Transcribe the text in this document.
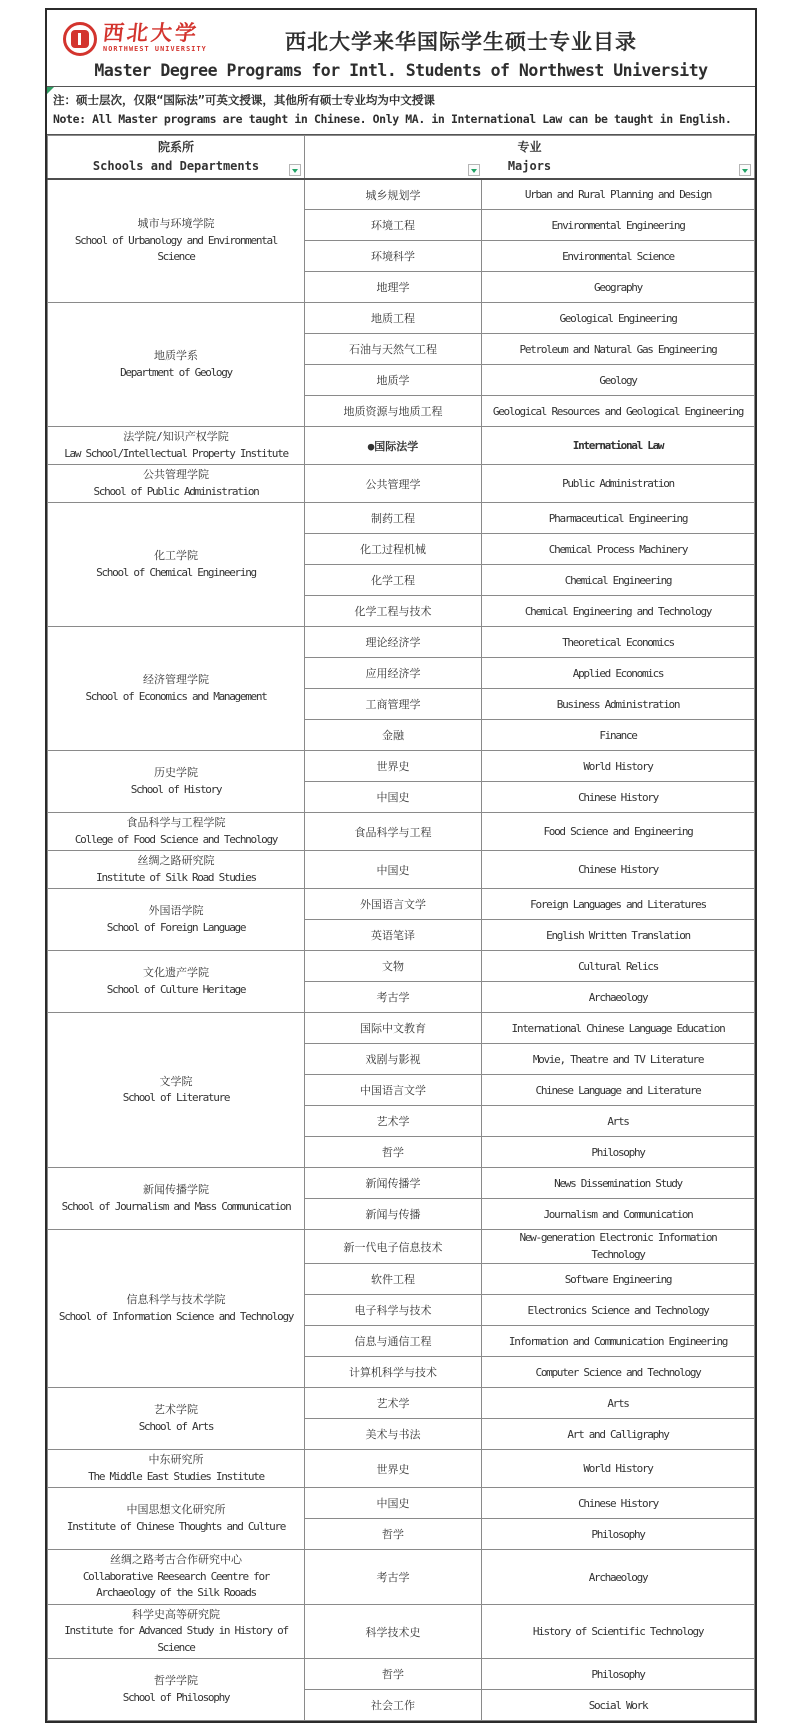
西北大学
NORTHWEST UNIVERSITY	西北大学来华国际学生硕士专业目录
Master Degree Programs for Intl. Students of Northwest University
注：硕士层次，仅限“国际法”可英文授课，其他所有硕士专业均为中文授课
Note: All Master programs are taught in Chinese. Only MA. in International Law can be taught in English.
院系所
Schools and Departments

专业
Majors

城市与环境学院
School of Urbanology and Environmental Science	城乡规划学	Urban and Rural Planning and Design
	环境工程	Environmental Engineering
	环境科学	Environmental Science
	地理学	Geography

地质学系
Department of Geology	地质工程	Geological Engineering
	石油与天然气工程	Petroleum and Natural Gas Engineering
	地质学	Geology
	地质资源与地质工程	Geological Resources and Geological Engineering

法学院/知识产权学院
Law School/Intellectual Property Institute	●国际法学	International Law

公共管理学院
School of Public Administration	公共管理学	Public Administration

化工学院
School of Chemical Engineering	制药工程	Pharmaceutical Engineering
	化工过程机械	Chemical Process Machinery
	化学工程	Chemical Engineering
	化学工程与技术	Chemical Engineering and Technology

经济管理学院
School of Economics and Management	理论经济学	Theoretical Economics
	应用经济学	Applied Economics
	工商管理学	Business Administration
	金融	Finance

历史学院
School of History	世界史	World History
	中国史	Chinese History

食品科学与工程学院
College of Food Science and Technology	食品科学与工程	Food Science and Engineering

丝绸之路研究院
Institute of Silk Road Studies	中国史	Chinese History

外国语学院
School of Foreign Language	外国语言文学	Foreign Languages and Literatures
	英语笔译	English Written Translation

文化遗产学院
School of Culture Heritage	文物	Cultural Relics
	考古学	Archaeology

文学院
School of Literature	国际中文教育	International Chinese Language Education
	戏剧与影视	Movie, Theatre and TV Literature
	中国语言文学	Chinese Language and Literature
	艺术学	Arts
	哲学	Philosophy

新闻传播学院
School of Journalism and Mass Communication	新闻传播学	News Dissemination Study
	新闻与传播	Journalism and Communication

信息科学与技术学院
School of Information Science and Technology	新一代电子信息技术	New-generation Electronic Information Technology
	软件工程	Software Engineering
	电子科学与技术	Electronics Science and Technology
	信息与通信工程	Information and Communication Engineering
	计算机科学与技术	Computer Science and Technology

艺术学院
School of Arts	艺术学	Arts
	美术与书法	Art and Calligraphy

中东研究所
The Middle East Studies Institute	世界史	World History

中国思想文化研究所
Institute of Chinese Thoughts and Culture	中国史	Chinese History
	哲学	Philosophy

丝绸之路考古合作研究中心
Collaborative Reesearch Ceentre for Archaeology of the Silk Rooads	考古学	Archaeology

科学史高等研究院
Institute for Advanced Study in History of Science	科学技术史	History of Scientific Technology

哲学学院
School of Philosophy	哲学	Philosophy
	社会工作	Social Work
